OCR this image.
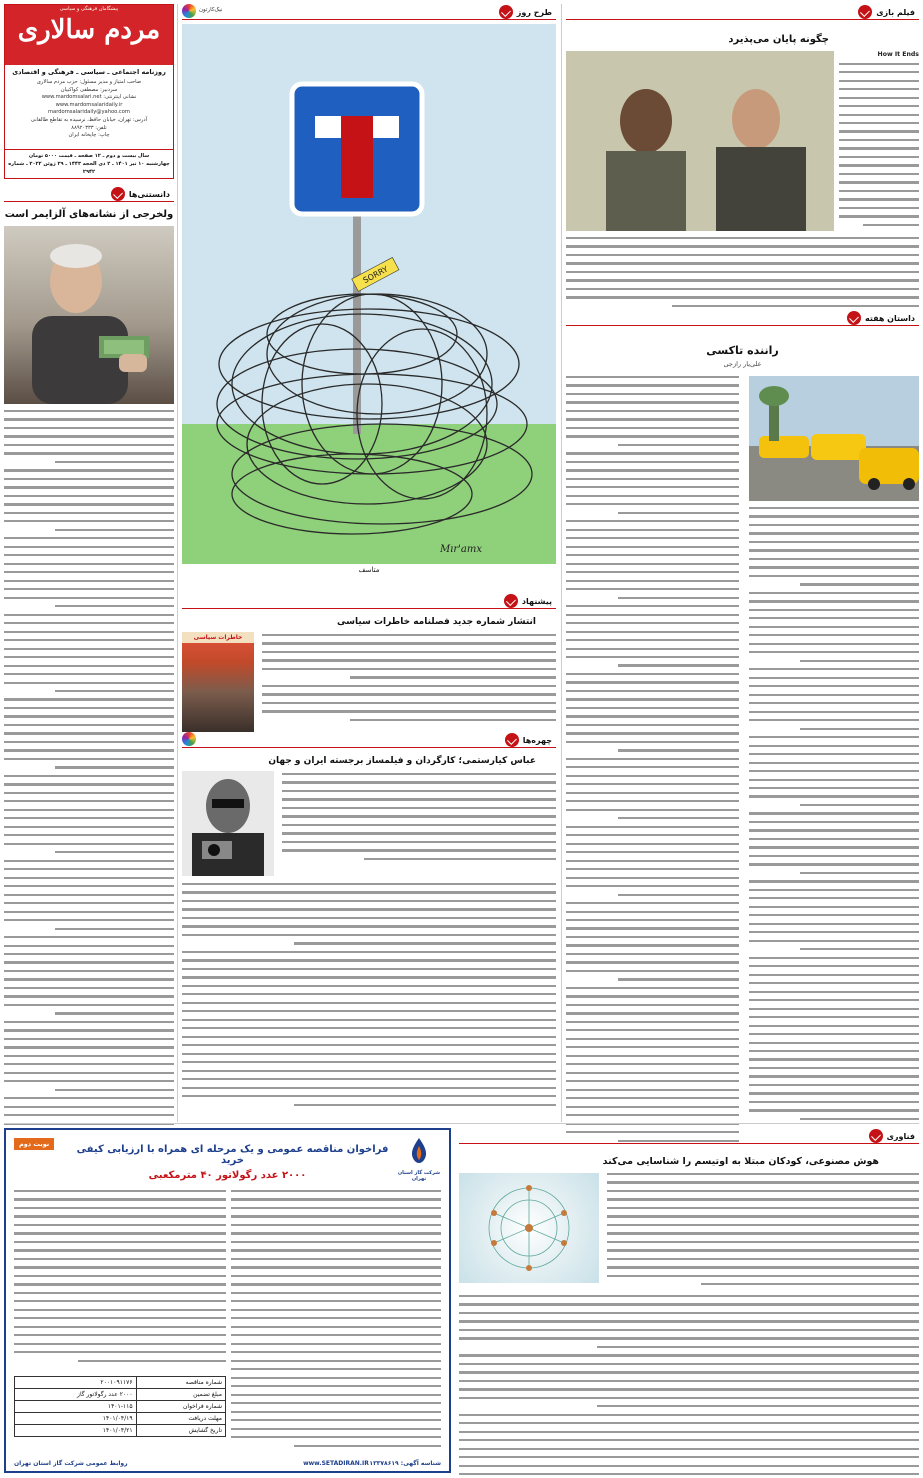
پیشگامان فرهنگی و سیاسی
مردم سالاری
روزنامه اجتماعی ـ سیاسی ـ فرهنگی و اقتصادی
صاحب امتیاز و مدیر مسئول: حزب مردم سالاری
سردبیر: مصطفی کواکبیان
نشانی اینترنتی: www.mardomsalari.net
www.mardomsalaridaily.ir
mardomsalaridaily@yahoo.com
آدرس: تهران، خیابان حافظ، نرسیده به تقاطع طالقانی
تلفن: ۸۸۹۲۰۳۳۳
چاپ: چاپخانه ایران
سال بیست و دوم ـ ۱۲ صفحه ـ قیمت ۵۰۰۰ تومان
چهارشنبه ۱۰ تیر ۱۴۰۱ ـ ۲ ذی الحجه ۱۴۴۳ ـ ۲۹ ژوئن ۲۰۲۲ ـ شماره ۲۹۴۲
دانستنی‌ها
ولخرجی از نشانه‌های آلزایمر است
طرح روز
نیک‌کارتون
SORRY
Mır'amx
متاسف
پیشنهاد
انتشار شماره جدید فصلنامه خاطرات سیاسی
خاطرات سیاسی
چهره‌ها
عباس کیارستمی؛ کارگردان و فیلمساز برجسته ایران و جهان
فیلم بازی
چگونه پایان می‌پذیرد
How It Ends
داستان هفته
راننده تاکسی
علی‌یار رازجی
نوبت دوم
شرکت گاز استان تهران
فراخوان مناقصه عمومی و یک مرحله ای همراه با ارزیابی کیفی خرید
۲۰۰۰ عدد رگولاتور ۴۰ مترمکعبی
www.SETADIRAN.IR
شماره مناقصه	۲۰۰۱۰۹۱۱۷۶
مبلغ تضمین	۲۰۰۰ عدد رگولاتور گاز
شماره فراخوان	۱۴۰۱-۱۱۵
مهلت دریافت	۱۴۰۱/۰۴/۱۹
تاریخ گشایش	۱۴۰۱/۰۴/۲۱
شناسه آگهی: ۱۳۳۷۸۶۱۹
روابط عمومی شرکت گاز استان تهران
فناوری
هوش مصنوعی، کودکان مبتلا به اوتیسم را شناسایی می‌کند
